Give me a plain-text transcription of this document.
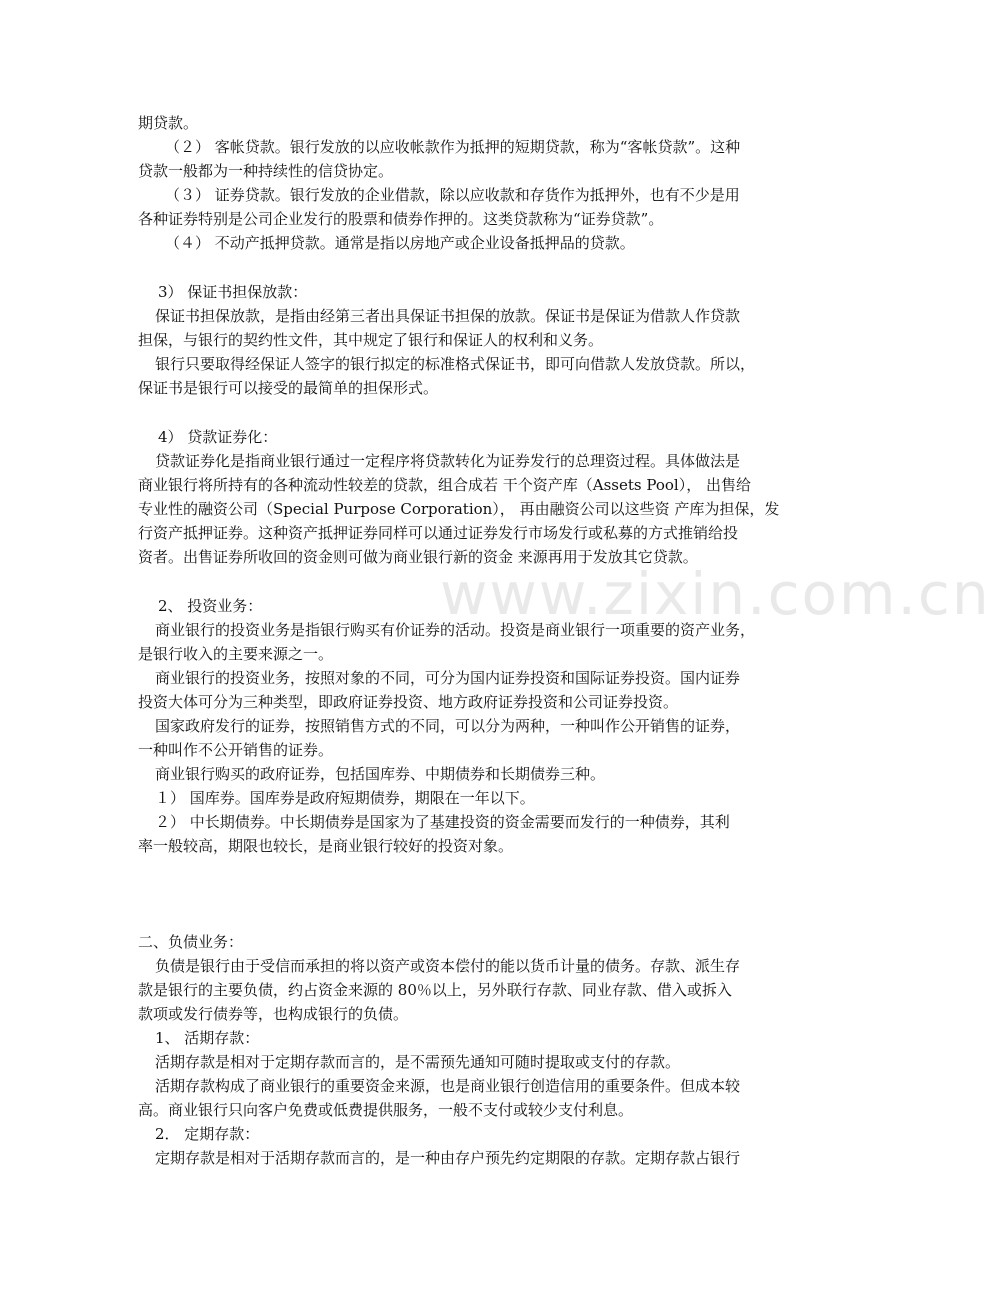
www.zixin.com.cn
期贷款。
（２） 客帐贷款。银行发放的以应收帐款作为抵押的短期贷款，称为“客帐贷款”。这种
贷款一般都为一种持续性的信贷协定。
（３） 证券贷款。银行发放的企业借款，除以应收款和存货作为抵押外，也有不少是用
各种证券特别是公司企业发行的股票和债券作押的。这类贷款称为“证券贷款”。
（４） 不动产抵押贷款。通常是指以房地产或企业设备抵押品的贷款。
3） 保证书担保放款：
保证书担保放款，是指由经第三者出具保证书担保的放款。保证书是保证为借款人作贷款
担保，与银行的契约性文件，其中规定了银行和保证人的权利和义务。
银行只要取得经保证人签字的银行拟定的标准格式保证书，即可向借款人发放贷款。所以，
保证书是银行可以接受的最简单的担保形式。
4） 贷款证券化：
贷款证券化是指商业银行通过一定程序将贷款转化为证券发行的总理资过程。具体做法是
商业银行将所持有的各种流动性较差的贷款，组合成若 干个资产库（Assets Pool）， 出售给
专业性的融资公司（Special Purpose Corporation）， 再由融资公司以这些资 产库为担保，发
行资产抵押证券。这种资产抵押证券同样可以通过证券发行市场发行或私募的方式推销给投
资者。出售证券所收回的资金则可做为商业银行新的资金 来源再用于发放其它贷款。
2、 投资业务：
商业银行的投资业务是指银行购买有价证券的活动。投资是商业银行一项重要的资产业务，
是银行收入的主要来源之一。
商业银行的投资业务，按照对象的不同，可分为国内证券投资和国际证券投资。国内证券
投资大体可分为三种类型，即政府证券投资、地方政府证券投资和公司证券投资。
国家政府发行的证券，按照销售方式的不同，可以分为两种，一种叫作公开销售的证券，
一种叫作不公开销售的证券。
商业银行购买的政府证券，包括国库券、中期债券和长期债券三种。
１） 国库券。国库券是政府短期债券，期限在一年以下。
２） 中长期债券。中长期债券是国家为了基建投资的资金需要而发行的一种债券，其利
率一般较高，期限也较长，是商业银行较好的投资对象。
二、负债业务：
负债是银行由于受信而承担的将以资产或资本偿付的能以货币计量的债务。存款、派生存
款是银行的主要负债，约占资金来源的 80％以上，另外联行存款、同业存款、借入或拆入
款项或发行债券等，也构成银行的负债。
1、 活期存款：
活期存款是相对于定期存款而言的，是不需预先通知可随时提取或支付的存款。
活期存款构成了商业银行的重要资金来源，也是商业银行创造信用的重要条件。但成本较
高。商业银行只向客户免费或低费提供服务，一般不支付或较少支付利息。
2． 定期存款：
定期存款是相对于活期存款而言的，是一种由存户预先约定期限的存款。定期存款占银行
